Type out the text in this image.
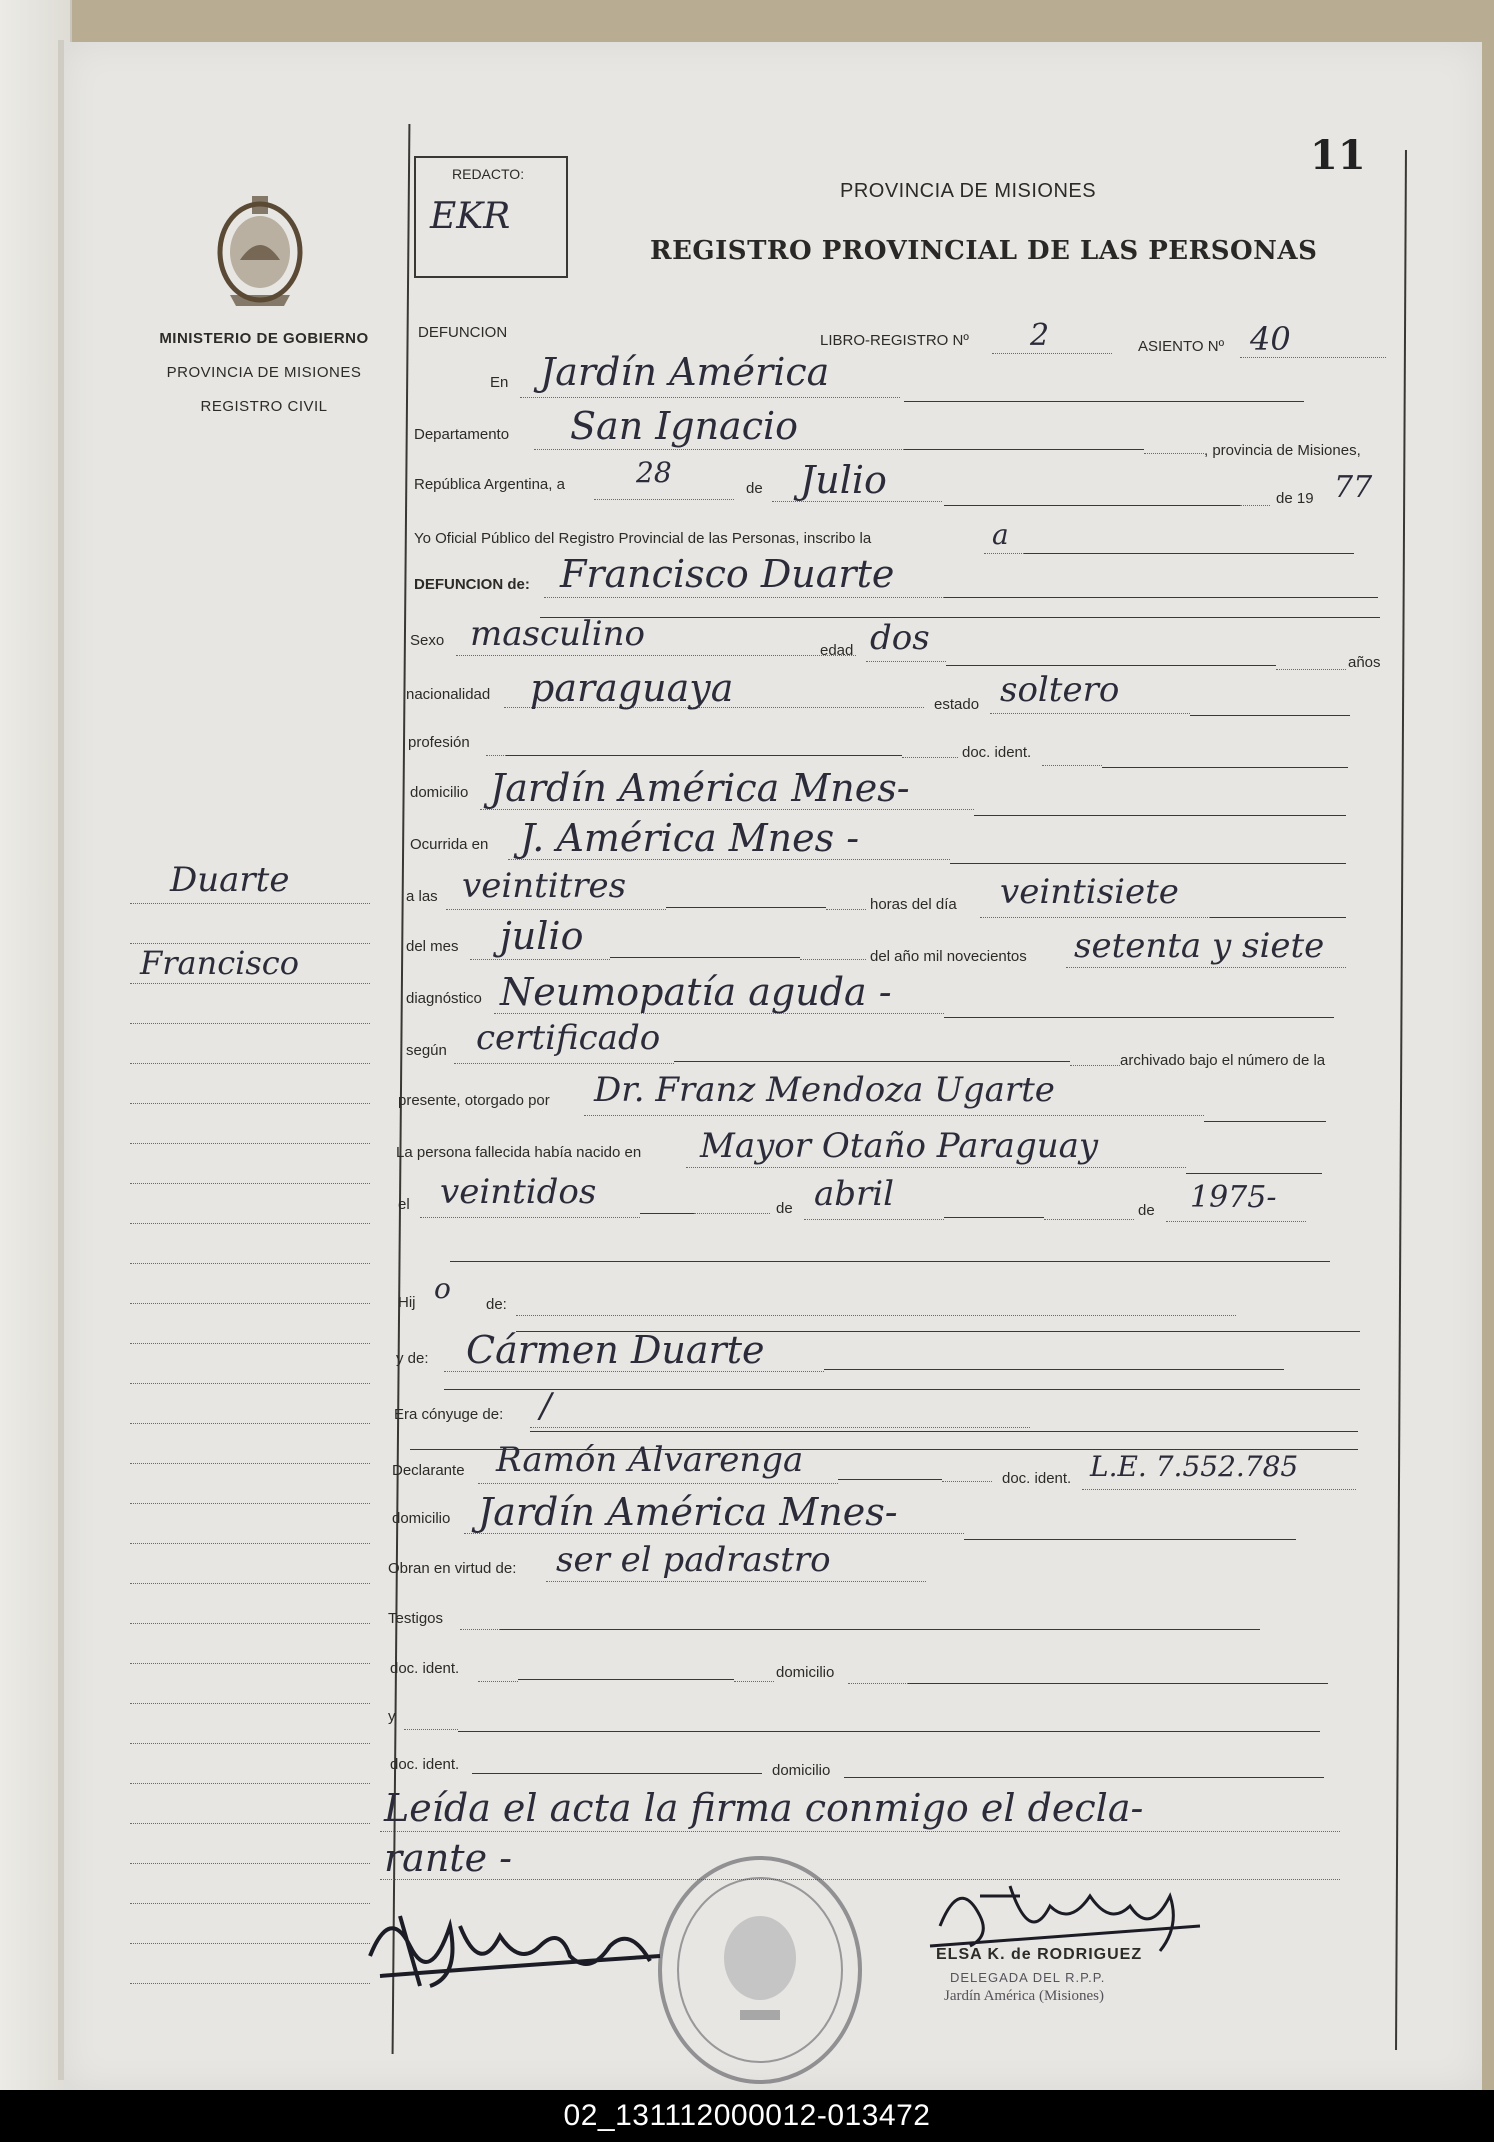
MINISTERIO DE GOBIERNO
PROVINCIA DE MISIONES
REGISTRO CIVIL
Duarte
Francisco
11
REDACTO:
EKR
PROVINCIA DE MISIONES
REGISTRO PROVINCIAL DE LAS PERSONAS
DEFUNCION	LIBRO-REGISTRO Nº 2	ASIENTO Nº 40
En Jardín América
Departamento San Ignacio
, provincia de Misiones,
República Argentina, a	28	de Julio	de 19 77
Yo Oficial Público del Registro Provincial de las Personas, inscribo la	a
DEFUNCION de: Francisco Duarte
Sexo masculino	edad dos
años
nacionalidad paraguaya	estado soltero
profesión
doc. ident.
domicilio Jardín América Mnes-
Ocurrida en J. América Mnes -
a las veintitres	horas del día veintisiete
del mes julio	del año mil novecientos setenta y siete
diagnóstico Neumopatía aguda -
según certificado
archivado bajo el número de la
presente, otorgado por Dr. Franz Mendoza Ugarte
La persona fallecida había nacido en Mayor Otaño Paraguay
el veintidos	de abril	de 1975-
Hij o de:
y de: Cármen Duarte
Era cónyuge de: /
Declarante Ramón Alvarenga	doc. ident. L.E. 7.552.785
domicilio Jardín América Mnes-
Obran en virtud de: ser el padrastro
Testigos
doc. ident.	domicilio
y
doc. ident.	domicilio
Leída el acta la firma conmigo el decla-
rante -
ELSA K. de RODRIGUEZ
DELEGADA DEL R.P.P.
Jardín América (Misiones)
02_131112000012-013472
